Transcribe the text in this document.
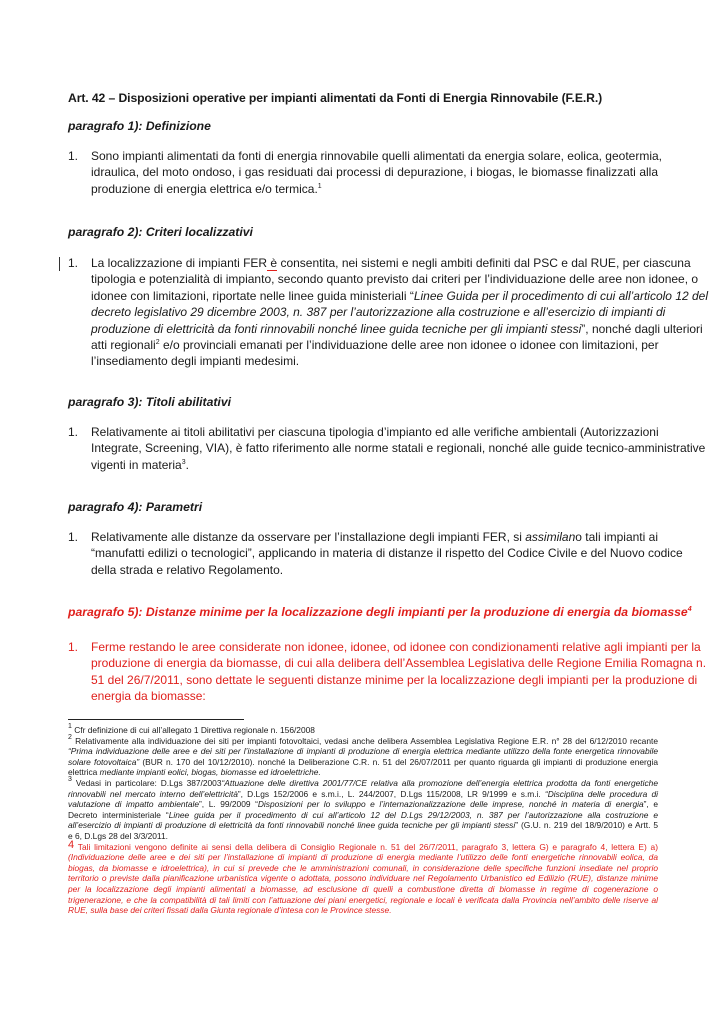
Art. 42 – Disposizioni operative per impianti alimentati da Fonti di Energia Rinnovabile (F.E.R.)
paragrafo 1): Definizione
1. Sono impianti alimentati da fonti di energia rinnovabile quelli alimentati da energia solare, eolica, geotermia,
idraulica, del moto ondoso, i gas residuati dai processi di depurazione, i biogas, le biomasse finalizzati alla
produzione di energia elettrica e/o termica.$^1$
paragrafo 2): Criteri localizzativi
1. La localizzazione di impianti FER è consentita, nei sistemi e negli ambiti definiti dal PSC e dal RUE, per ciascuna
tipologia e potenzialità di impianto, secondo quanto previsto dai criteri per l’individuazione delle aree non idonee, o
idonee con limitazioni, riportate nelle linee guida ministeriali “Linee Guida per il procedimento di cui all’articolo 12 del
decreto legislativo 29 dicembre 2003, n. 387 per l’autorizzazione alla costruzione e all’esercizio di impianti di
produzione di elettricità da fonti rinnovabili nonché linee guida tecniche per gli impianti stessi”, nonché dagli ulteriori
atti regionali$^2$ e/o provinciali emanati per l’individuazione delle aree non idonee o idonee con limitazioni, per
l’insediamento degli impianti medesimi.
paragrafo 3): Titoli abilitativi
1. Relativamente ai titoli abilitativi per ciascuna tipologia d’impianto ed alle verifiche ambientali (Autorizzazioni
Integrate, Screening, VIA), è fatto riferimento alle norme statali e regionali, nonché alle guide tecnico-amministrative
vigenti in materia$^3$.
paragrafo 4): Parametri
1. Relativamente alle distanze da osservare per l’installazione degli impianti FER, si assimilano tali impianti ai
“manufatti edilizi o tecnologici”, applicando in materia di distanze il rispetto del Codice Civile e del Nuovo codice
della strada e relativo Regolamento.
paragrafo 5): Distanze minime per la localizzazione degli impianti per la produzione di energia da biomasse$^4$
1. Ferme restando le aree considerate non idonee, idonee, od idonee con condizionamenti relative agli impianti per la
produzione di energia da biomasse, di cui alla delibera dell’Assemblea Legislativa delle Regione Emilia Romagna n.
51 del 26/7/2011, sono dettate le seguenti distanze minime per la localizzazione degli impianti per la produzione di
energia da biomasse:
$^1$ Cfr definizione di cui all’allegato 1 Direttiva regionale n. 156/2008
$^2$ Relativamente alla individuazione dei siti per impianti fotovoltaici, vedasi anche delibera Assemblea Legislativa Regione E.R. n° 28 del 6/12/2010 recante
“Prima individuazione delle aree e dei siti per l’installazione di impianti di produzione di energia elettrica mediante utilizzo della fonte energetica rinnovabile
solare fotovoltaica” (BUR n. 170 del 10/12/2010). nonché la Deliberazione C.R. n. 51 del 26/07/2011 per quanto riguarda gli impianti di produzione energia
elettrica mediante impianti eolici, biogas, biomasse ed idroelettriche.
$^3$ Vedasi in particolare: D.Lgs 387/2003“Attuazione delle direttiva 2001/77/CE relativa alla promozione dell’energia elettrica prodotta da fonti energetiche
rinnovabili nel mercato interno dell’elettricità”, D.Lgs 152/2006 e s.m.i., L. 244/2007, D.Lgs 115/2008, LR 9/1999 e s.m.i. “Disciplina delle procedura di
valutazione di impatto ambientale”, L. 99/2009 “Disposizioni per lo sviluppo e l’internazionalizzazione delle imprese, nonché in materia di energia”, e
Decreto interministeriale “Linee guida per il procedimento di cui all’articolo 12 del D.Lgs 29/12/2003, n. 387 per l’autorizzazione alla costruzione e
all’esercizio di impianti di produzione di elettricità da fonti rinnovabili nonché linee guida tecniche per gli impianti stessi” (G.U. n. 219 del 18/9/2010) e Artt. 5
e 6, D.Lgs 28 del 3/3/2011.
4 Tali limitazioni vengono definite ai sensi della delibera di Consiglio Regionale n. 51 del 26/7/2011, paragrafo 3, lettera G) e paragrafo 4, lettera E) a)
(Individuazione delle aree e dei siti per l’installazione di impianti di produzione di energia mediante l’utilizzo delle fonti energetiche rinnovabili eolica, da
biogas, da biomasse e idroelettrica), in cui si prevede che le amministrazioni comunali, in considerazione delle specifiche funzioni insediate nel proprio
territorio o previste dalla pianificazione urbanistica vigente o adottata, possono individuare nel Regolamento Urbanistico ed Edilizio (RUE), distanze minime
per la localizzazione degli impianti alimentati a biomasse, ad esclusione di quelli a combustione diretta di biomasse in regime di cogenerazione o
trigenerazione, e che la compatibilità di tali limiti con l’attuazione dei piani energetici, regionale e locali è verificata dalla Provincia nell’ambito delle riserve al
RUE, sulla base dei criteri fissati dalla Giunta regionale d’intesa con le Province stesse.
